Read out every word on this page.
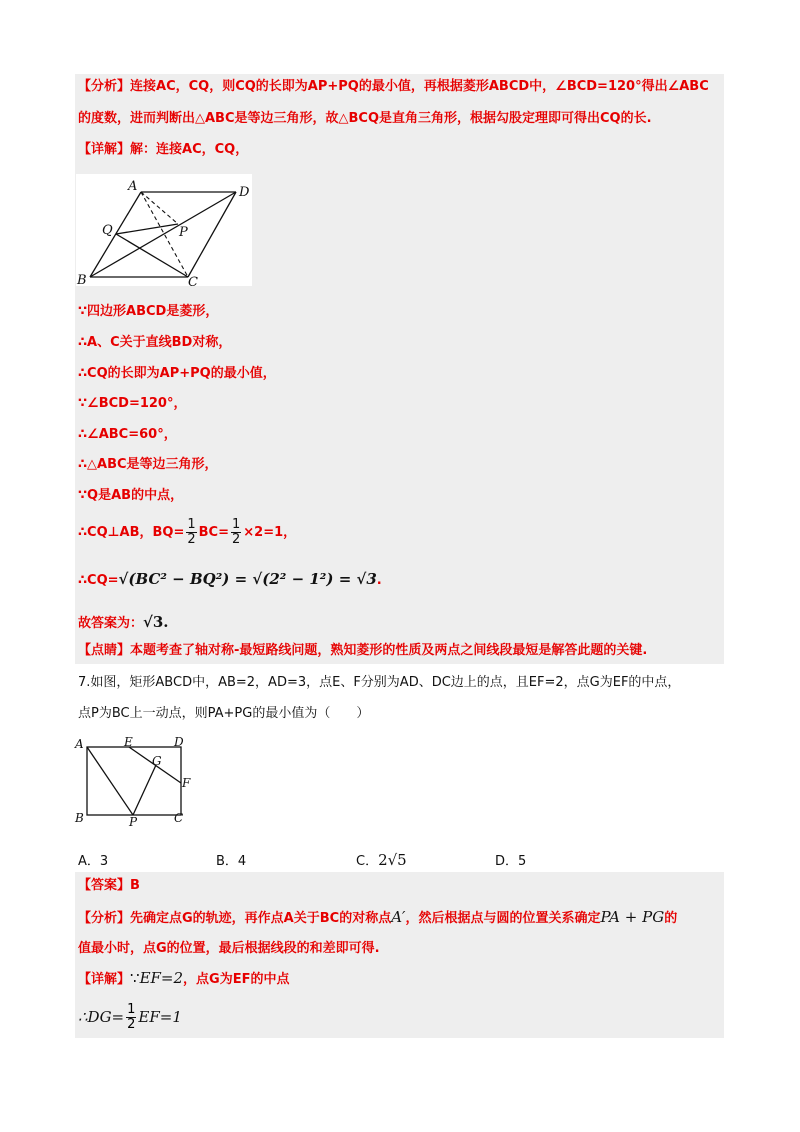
【分析】连接AC，CQ，则CQ的长即为AP+PQ的最小值，再根据菱形ABCD中，∠BCD=120°得出∠ABC
的度数，进而判断出△ABC是等边三角形，故△BCQ是直角三角形，根据勾股定理即可得出CQ的长.
【详解】解：连接AC，CQ，
A	D
Q	P
B	C
∵四边形ABCD是菱形，
∴A、C关于直线BD对称，
∴CQ的长即为AP+PQ的最小值，
∵∠BCD=120°，
∴∠ABC=60°，
∴△ABC是等边三角形，
∵Q是AB的中点，
∴CQ⊥AB，$BQ= \frac{1}{2} BC= \frac{1}{2} \times 2=1$，
∴CQ=√(BC² − BQ²) = √(2² − 1²) = √3.
故答案为：√3.
【点睛】本题考查了轴对称-最短路线问题，熟知菱形的性质及两点之间线段最短是解答此题的关键.
7.如图，矩形ABCD中，AB=2，AD=3，点E、F分别为AD、DC边上的点，且EF=2，点G为EF的中点，
点P为BC上一动点，则PA+PG的最小值为（　　）
A	E	D
G
F
B	P	C
A．3	B．4	C．2√5	D．5
【答案】B
【分析】先确定点G的轨迹，再作点A关于BC的对称点A′，然后根据点与圆的位置关系确定PA + PG的
值最小时，点G的位置，最后根据线段的和差即可得.
【详解】∵EF=2，点G为EF的中点
∴DG= $\frac{1}{2} EF=1$
